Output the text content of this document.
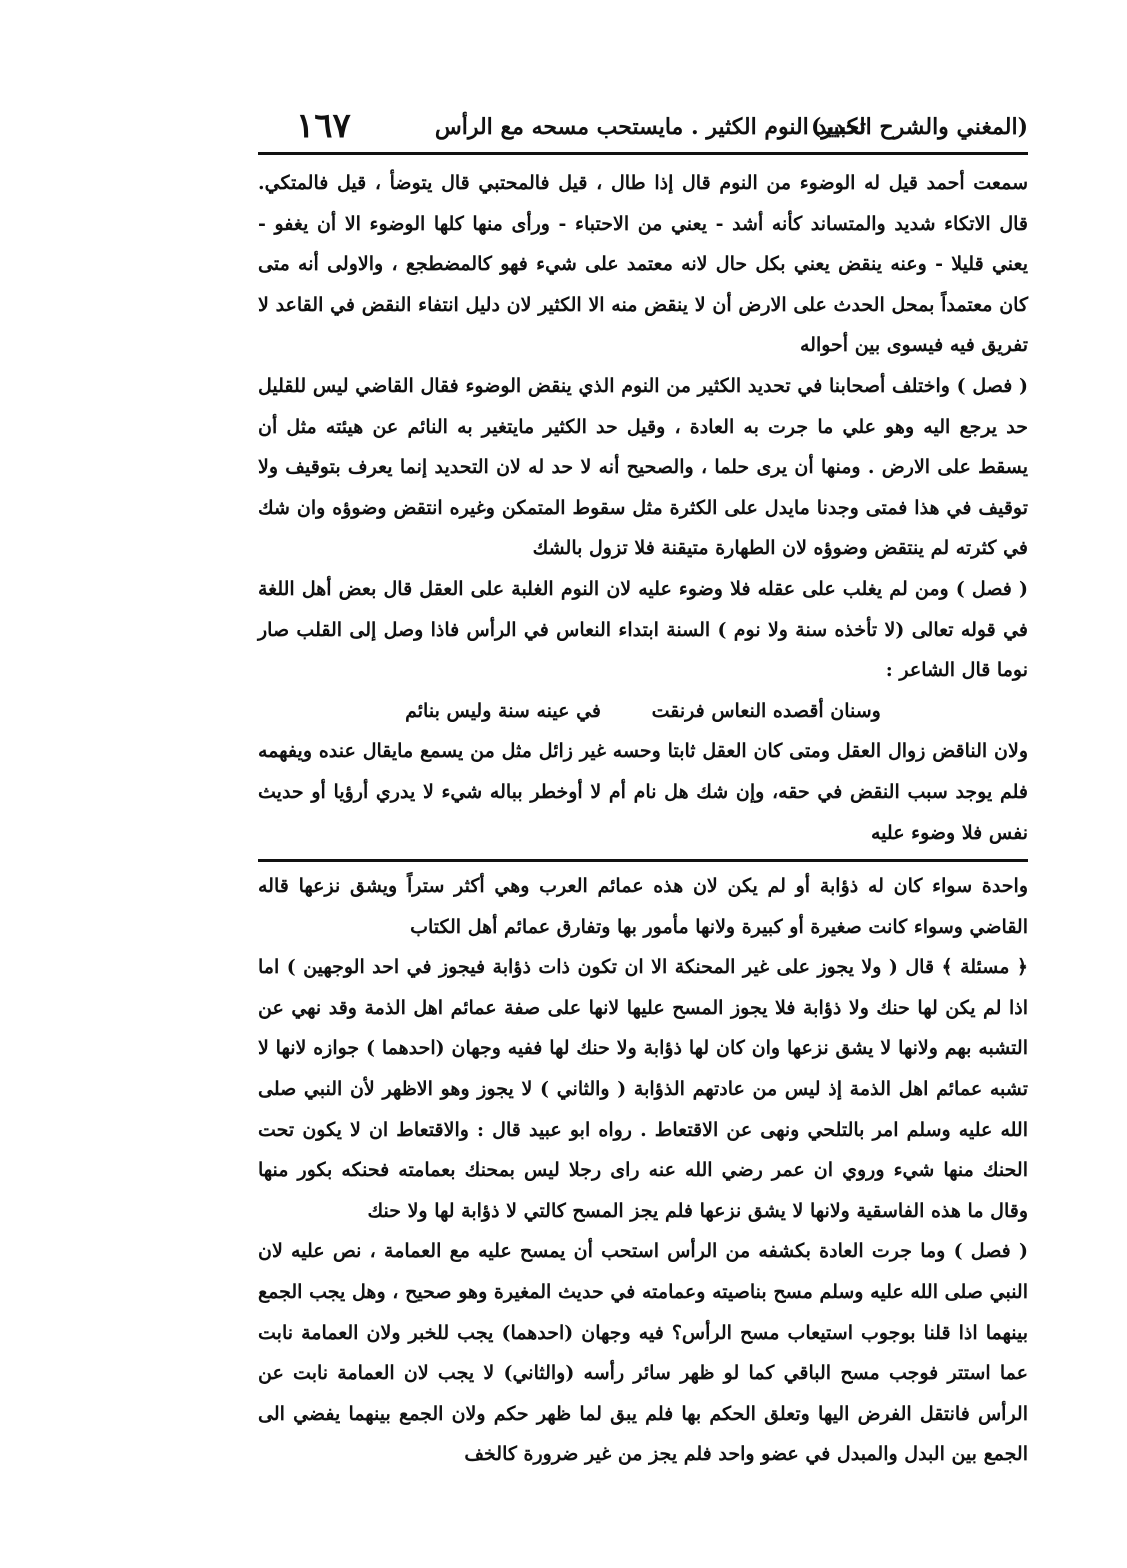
(المغني والشرح الكبير)
تحديد النوم الكثير . مايستحب مسحه مع الرأس
١٦٧

سمعت أحمد قيل له الوضوء من النوم قال إذا طال ، قيل فالمحتبي قال يتوضأ ، قيل فالمتكي. قال الاتكاء شديد والمتساند كأنه أشد - يعني من الاحتباء - ورأى منها كلها الوضوء الا أن يغفو - يعني قليلا - وعنه ينقض يعني بكل حال لانه معتمد على شيء فهو كالمضطجع ، والاولى أنه متى كان معتمداً بمحل الحدث على الارض أن لا ينقض منه الا الكثير لان دليل انتفاء النقض في القاعد لا تفريق فيه فيسوى بين أحواله

( فصل ) واختلف أصحابنا في تحديد الكثير من النوم الذي ينقض الوضوء فقال القاضي ليس للقليل حد يرجع اليه وهو علي ما جرت به العادة ، وقيل حد الكثير مايتغير به النائم عن هيئته مثل أن يسقط على الارض . ومنها أن يرى حلما ، والصحيح أنه لا حد له لان التحديد إنما يعرف بتوقيف ولا توقيف في هذا فمتى وجدنا مايدل على الكثرة مثل سقوط المتمكن وغيره انتقض وضوؤه وان شك في كثرته لم ينتقض وضوؤه لان الطهارة متيقنة فلا تزول بالشك

( فصل ) ومن لم يغلب على عقله فلا وضوء عليه لان النوم الغلبة على العقل قال بعض أهل اللغة في قوله تعالى (لا تأخذه سنة ولا نوم ) السنة ابتداء النعاس في الرأس فاذا وصل إلى القلب صار نوما قال الشاعر :

وسنان أقصده النعاس فرنقت في عينه سنة وليس بنائم

ولان الناقض زوال العقل ومتى كان العقل ثابتا وحسه غير زائل مثل من يسمع مايقال عنده ويفهمه فلم يوجد سبب النقض في حقه، وإن شك هل نام أم لا أوخطر بباله شيء لا يدري أرؤيا أو حديث نفس فلا وضوء عليه

واحدة سواء كان له ذؤابة أو لم يكن لان هذه عمائم العرب وهي أكثر ستراً ويشق نزعها قاله القاضي وسواء كانت صغيرة أو كبيرة ولانها مأمور بها وتفارق عمائم أهل الكتاب

﴿ مسئلة ﴾ قال ( ولا يجوز على غير المحنكة الا ان تكون ذات ذؤابة فيجوز في احد الوجهين ) اما اذا لم يكن لها حنك ولا ذؤابة فلا يجوز المسح عليها لانها على صفة عمائم اهل الذمة وقد نهي عن التشبه بهم ولانها لا يشق نزعها وان كان لها ذؤابة ولا حنك لها ففيه وجهان (احدهما ) جوازه لانها لا تشبه عمائم اهل الذمة إذ ليس من عادتهم الذؤابة ( والثاني ) لا يجوز وهو الاظهر لأن النبي صلى الله عليه وسلم امر بالتلحي ونهى عن الاقتعاط . رواه ابو عبيد قال : والاقتعاط ان لا يكون تحت الحنك منها شيء وروي ان عمر رضي الله عنه راى رجلا ليس بمحنك بعمامته فحنكه بكور منها وقال ما هذه الفاسقية ولانها لا يشق نزعها فلم يجز المسح كالتي لا ذؤابة لها ولا حنك

( فصل ) وما جرت العادة بكشفه من الرأس استحب أن يمسح عليه مع العمامة ، نص عليه لان النبي صلى الله عليه وسلم مسح بناصيته وعمامته في حديث المغيرة وهو صحيح ، وهل يجب الجمع بينهما اذا قلنا بوجوب استيعاب مسح الرأس؟ فيه وجهان (احدهما) يجب للخبر ولان العمامة نابت عما استتر فوجب مسح الباقي كما لو ظهر سائر رأسه (والثاني) لا يجب لان العمامة نابت عن الرأس فانتقل الفرض اليها وتعلق الحكم بها فلم يبق لما ظهر حكم ولان الجمع بينهما يفضي الى الجمع بين البدل والمبدل في عضو واحد فلم يجز من غير ضرورة كالخف
